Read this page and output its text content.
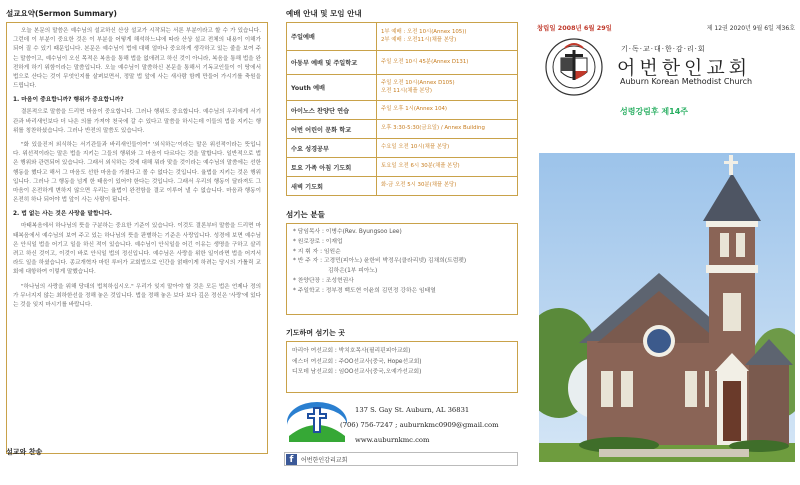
설교요약(Sermon Summary)

오늘 본문의 말씀은 예수님의 설교하신 산상 설교가 시작되는 서론 부분이라고 할 수 가 있습니다. 그런데 이 부분이 중요한 것은 이 부분을 어떻게 해석하느냐에 따라 산상 설교 전체의 내용이 이해가 되어 질 수 있기 때문입니다. 본문은 예수님이 법에 대해 얼마나 중요하게 생각하고 있는 줄을 보여 주는 말씀이고, 예수님이 오신 목적은 복음을 통해 법을 없애려고 하신 것이 아니라, 복음을 통해 법을 완전하게 하기 위함이라는 말씀입니다. 오늘 예수님이 말씀하신 본문을 통해서 기독교인들이 이 땅에서 법으로 산다는 것이 무엇인지를 살펴보면서, 정말 법 앞에 사는 새사람 함께 만들어 가시기를 축원을 드립니다.

1. 마음이 중요합니까? 행위가 중요합니까?

결론적으로 말씀을 드리면 마음이 중요합니다. 그러나 행위도 중요합니다. 예수님의 우리에게 서기관과 바리새인보다 더 나은 의를 가져야 천국에 갈 수 있다고 말씀을 하시는데 이들의 법을 지키는 행위를 칭찬하셨습니다. 그러나 반전의 말씀도 있습니다.

"화 있을진저 외식하는 서기관들과 바리새인들이여" '외식하는'이라는 말은 위선적이라는 뜻입니다. 위선적이라는 말은 법을 지키는 그들의 행위와 그 마음이 다르다는 것을 말합니다. 일반적으로 법은 행위와 관련되어 있습니다. 그래서 외식하는 것에 대해 뭐라 맞을 것이라는 예수님의 말씀에는 선한 행동을 했다고 해서 그 마음도 선한 마음을 가졌다고 볼 수 없다는 것입니다. 율법을 지키는 것은 행위입니다. 그러나 그 행동을 넘게 한 태음이 있어야 한다는 것입니다. 그래서 우리의 행동이 달라져도 그 마음이 온전하게 변하지 않으면 우리는 율법이 완전함을 결코 이루어 낼 수 없습니다. 마음과 행동이 온전히 하나 되어야 법 앞이 사는 사람이 됩니다.

2. 법 없는 사는 것은 사랑을 말합니다.

마태복음에서 하나님의 뜻을 구분하는 중요한 기준이 있습니다. 이것도 결론부터 말씀을 드리면 마태복음에서 예수님의 보여 주고 있는 하나님의 뜻을 판별하는 기준은 사랑입니다. 성경에 보면 예수님은 안식일 법을 어기고 일을 하신 적이 있습니다. 예수님이 안식일을 어긴 이유는 생명을 구하고 살리려고 하신 것이고, 이것이 바로 안식일 법의 정신입니다. 예수님은 사랑을 위한 일이라면 법을 어겨서라도 일을 하셨습니다. 종교개혁자 마틴 루터가 교회법으로 인간을 얽매이게 하려는 당시의 가톨릭 교회에 대항하여 이렇게 말했습니다.

"하나님의 사랑을 위해 당대의 법칙하십시오." 우리가 잊지 말아야 할 것은 모든 법은 언제나 정의가 무너지지 않는 최하한선을 정해 놓은 것입니다. 법을 정해 놓은 보다 보다 깊은 정신은 '사랑'에 있다는 것을 잊지 마시기를 바랍니다.

설교와 찬송
예배 안내 및 모임 안내
주일예배	1부 예배 : 오전 10시(Annex 105))
2부 예배 : 오전11시(채플 본당)

아동부 예배 및 주일학교	주일 오전 10시 45분(Annex D131)

Youth 예배	주일 오전 10시(Annex D105)
오전 11시(채플 본당)

아이노스 찬양단 연습	주일 오후 1시(Annex 104)

어번 어린이 문화 학교	오후 3:30-5:30(금요일) / Annex Building

수요 성경공부	수요일 오전 10시(채플 본당)

토요 가족 아침 기도회	토요일 오전 6시 30분(채플 본당)

새벽 기도회	화-금 오전 5시 30분(채플 본당)
섬기는 분들
* 담임목사 : 이병수(Rev. Byungsoo Lee)
* 원로장로 : 이재업
* 지 휘 자 : 임원순
* 반 주 자 : 고경민(피아노) 윤한비 박정우(클라리넷) 김채희(트럼펫)
김하은(1부 피아노)
* 찬양단장 : 조성현권사
* 주일학교 : 정부경 백도현 이윤희 김민정 강하은 임태열
기도하며 섬기는 곳
마리아 여선교회 : 박치호목사(필리핀피아교회)
에스더 여선교회 : 주OO선교사(중국, Hope선교회)
디모데 남선교회 : 임OO선교사(중국,오예가선교회)
137 S. Gay St. Auburn, AL 36831
(706) 756-7247 ; auburnkmc0909@gmail.com
www.auburnkmc.com
f	어번한인감리교회
창립일 2008년 6월 29일	제 12권 2020년 9월 6일 제36호
기·독·교·대·한·감·리·회
어번한인교회
Auburn Korean Methodist Church
성령강림후 제14주
